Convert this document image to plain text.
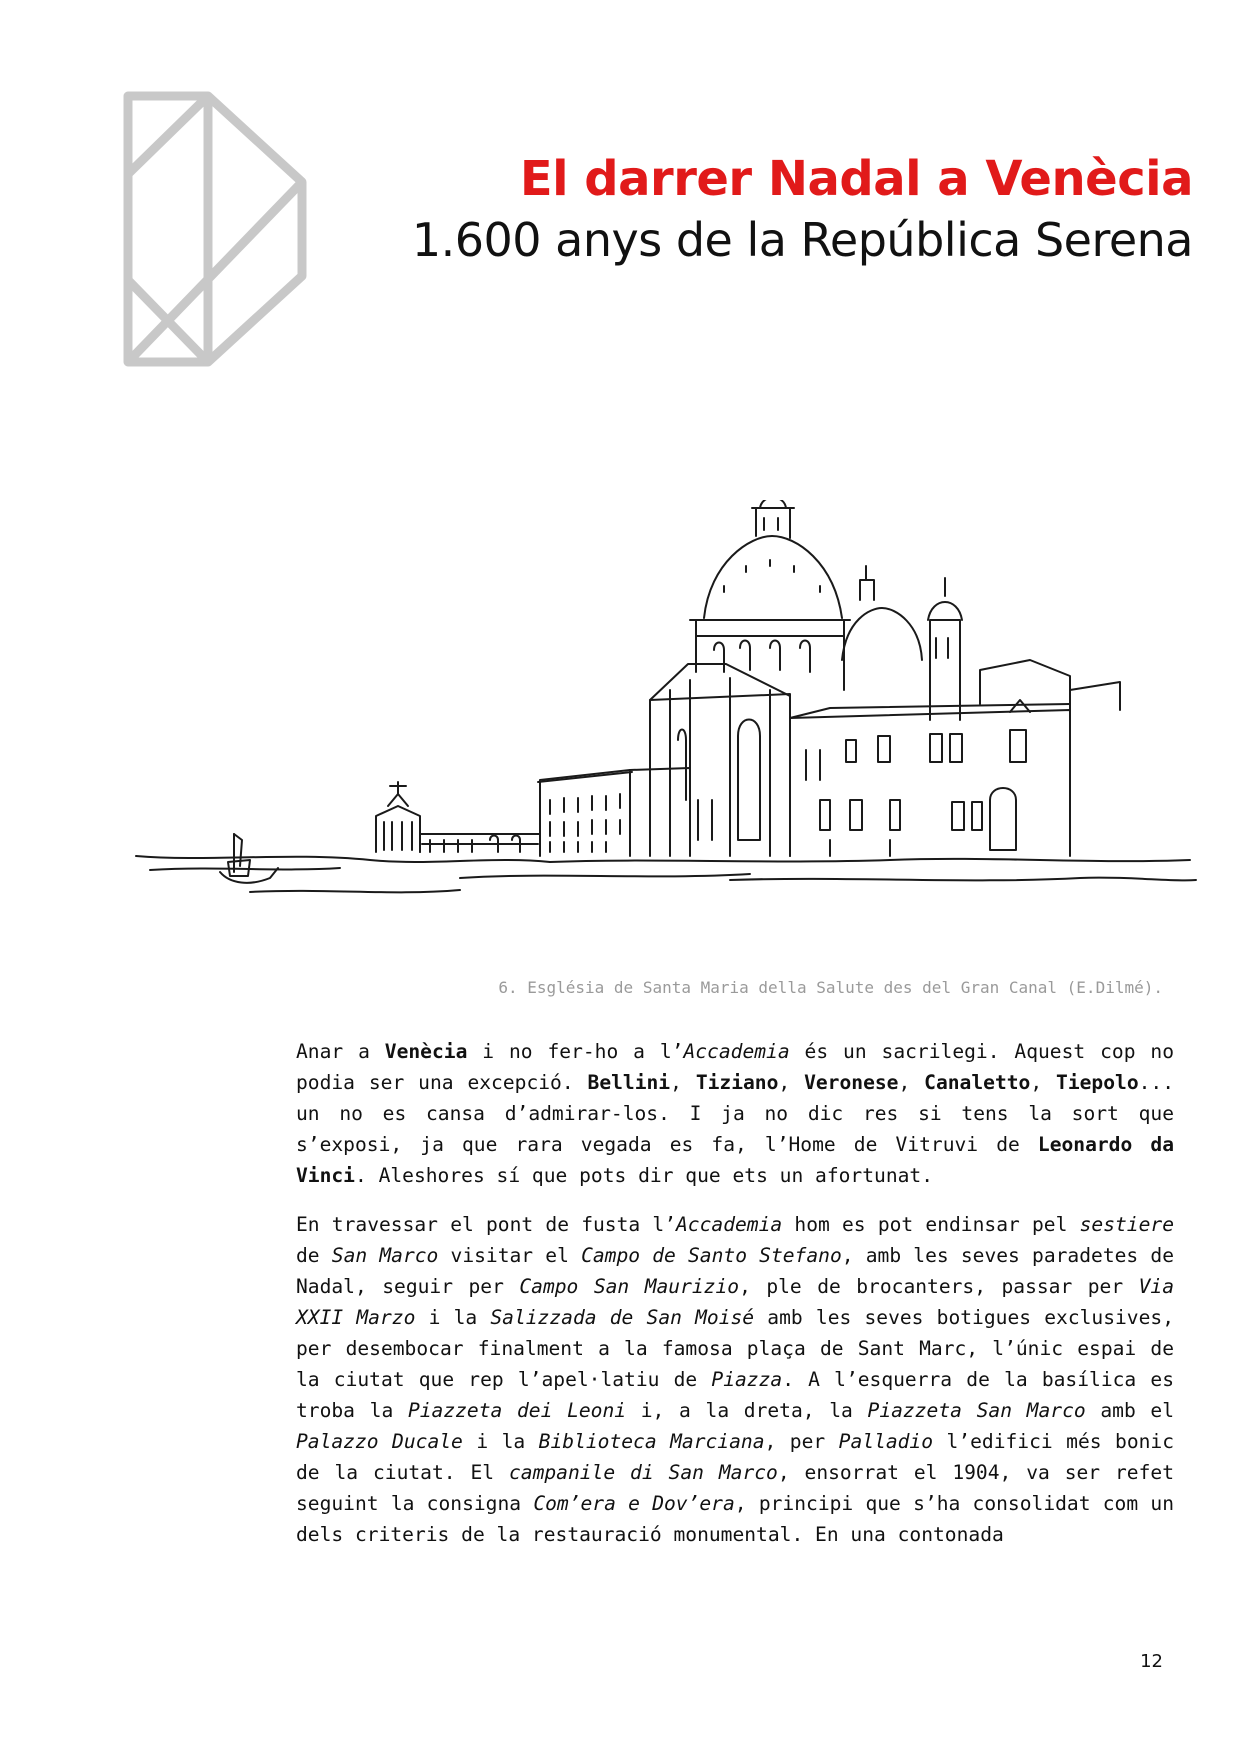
El darrer Nadal a Venècia
1.600 anys de la República Serena
6. Església de Santa Maria della Salute des del Gran Canal (E.Dilmé).

Anar a Venècia i no fer-ho a l’Accademia és un sacrilegi. Aquest cop no podia ser una excepció. Bellini, Tiziano, Veronese, Canaletto, Tiepolo... un no es cansa d’admirar-los. I ja no dic res si tens la sort que s’exposi, ja que rara vegada es fa, l’Home de Vitruvi de Leonardo da Vinci. Aleshores sí que pots dir que ets un afortunat.

En travessar el pont de fusta l’Accademia hom es pot endinsar pel sestiere de San Marco visitar el Campo de Santo Stefano, amb les seves paradetes de Nadal, seguir per Campo San Maurizio, ple de brocanters, passar per Via XXII Marzo i la Salizzada de San Moisé amb les seves botigues exclusives, per desembocar finalment a la famosa plaça de Sant Marc, l’únic espai de la ciutat que rep l’apel·latiu de Piazza. A l’esquerra de la basílica es troba la Piazzeta dei Leoni i, a la dreta, la Piazzeta San Marco amb el Palazzo Ducale i la Biblioteca Marciana, per Palladio l’edifici més bonic de la ciutat. El campanile di San Marco, ensorrat el 1904, va ser refet seguint la consigna Com’era e Dov’era, principi que s’ha consolidat com un dels criteris de la restauració monumental. En una contonada

12
